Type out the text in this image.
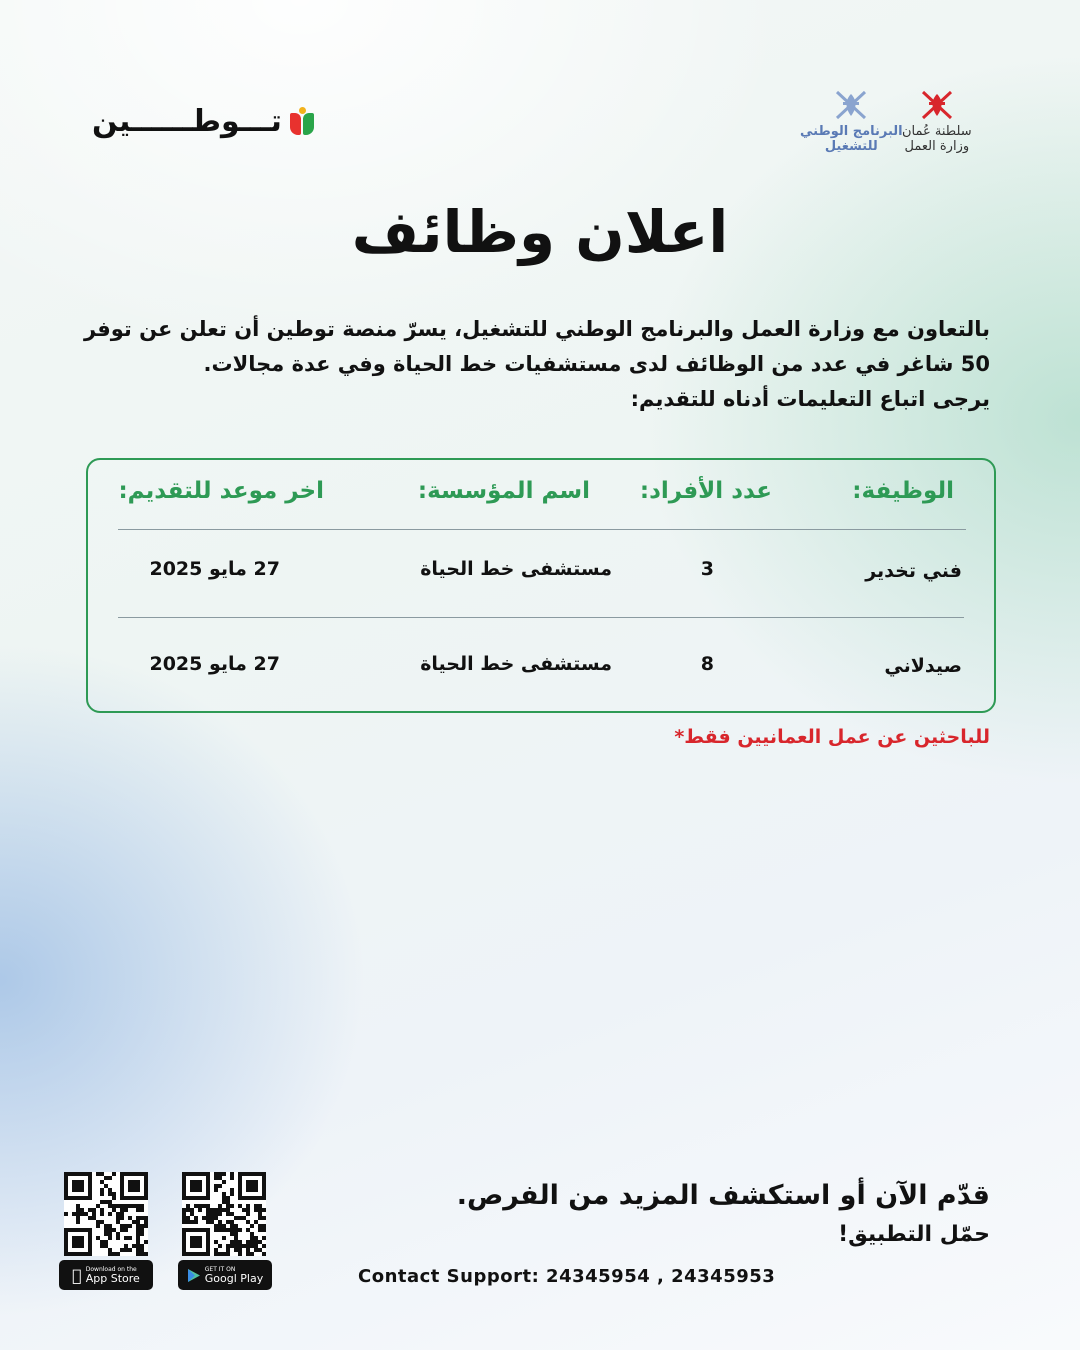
تـــوطــــــين	سلطنة عُمان
وزارة العمل
البرنامج الوطني
للتشغيل
اعلان وظائف
بالتعاون مع وزارة العمل والبرنامج الوطني للتشغيل، يسرّ منصة توطين أن تعلن عن توفر
50 شاغر في عدد من الوظائف لدى مستشفيات خط الحياة وفي عدة مجالات.
يرجى اتباع التعليمات أدناه للتقديم:
الوظيفة:
عدد الأفراد:
اسم المؤسسة:
اخر موعد للتقديم:
فني تخدير
3
مستشفى خط الحياة
27 مايو 2025
صيدلاني
8
مستشفى خط الحياة
27 مايو 2025
للباحثين عن عمل العمانيين فقط*
Download on the
App Store
GET IT ON
Googl Play
قدّم الآن أو استكشف المزيد من الفرص.
حمّل التطبيق!
Contact Support: 24345954 , 24345953
